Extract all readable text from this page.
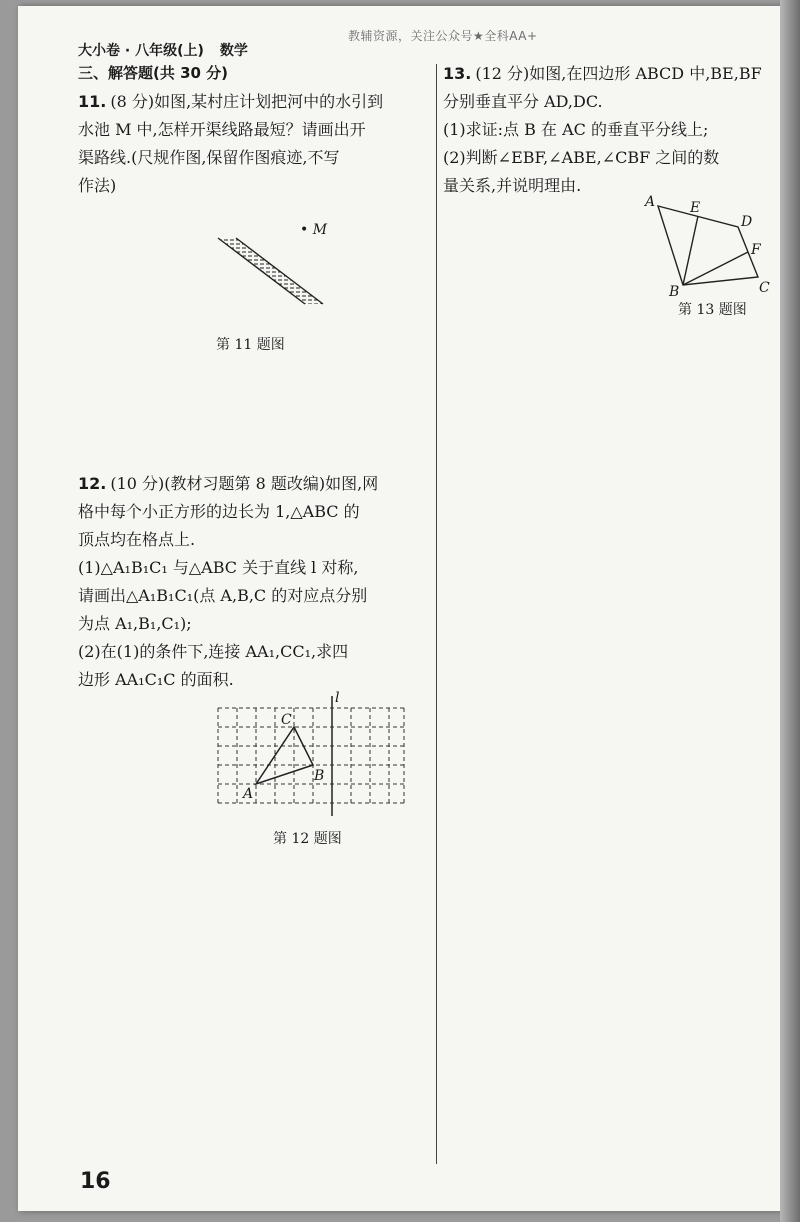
教辅资源，关注公众号★全科AA+
大小卷 · 八年级(上) 数学
三、解答题(共 30 分)
11. (8 分)如图,某村庄计划把河中的水引到
水池 M 中,怎样开渠线路最短？请画出开
渠路线.(尺规作图,保留作图痕迹,不写
作法)
• M
第 11 题图
12. (10 分)(教材习题第 8 题改编)如图,网
格中每个小正方形的边长为 1,△ABC 的
顶点均在格点上.
(1)△A₁B₁C₁ 与△ABC 关于直线 l 对称,
请画出△A₁B₁C₁(点 A,B,C 的对应点分别
为点 A₁,B₁,C₁);
(2)在(1)的条件下,连接 AA₁,CC₁,求四
边形 AA₁C₁C 的面积.
l
A
B
C
第 12 题图
13. (12 分)如图,在四边形 ABCD 中,BE,BF
分别垂直平分 AD,DC.
(1)求证:点 B 在 AC 的垂直平分线上;
(2)判断∠EBF,∠ABE,∠CBF 之间的数
量关系,并说明理由.
A E
D
F
C
B
第 13 题图
16
